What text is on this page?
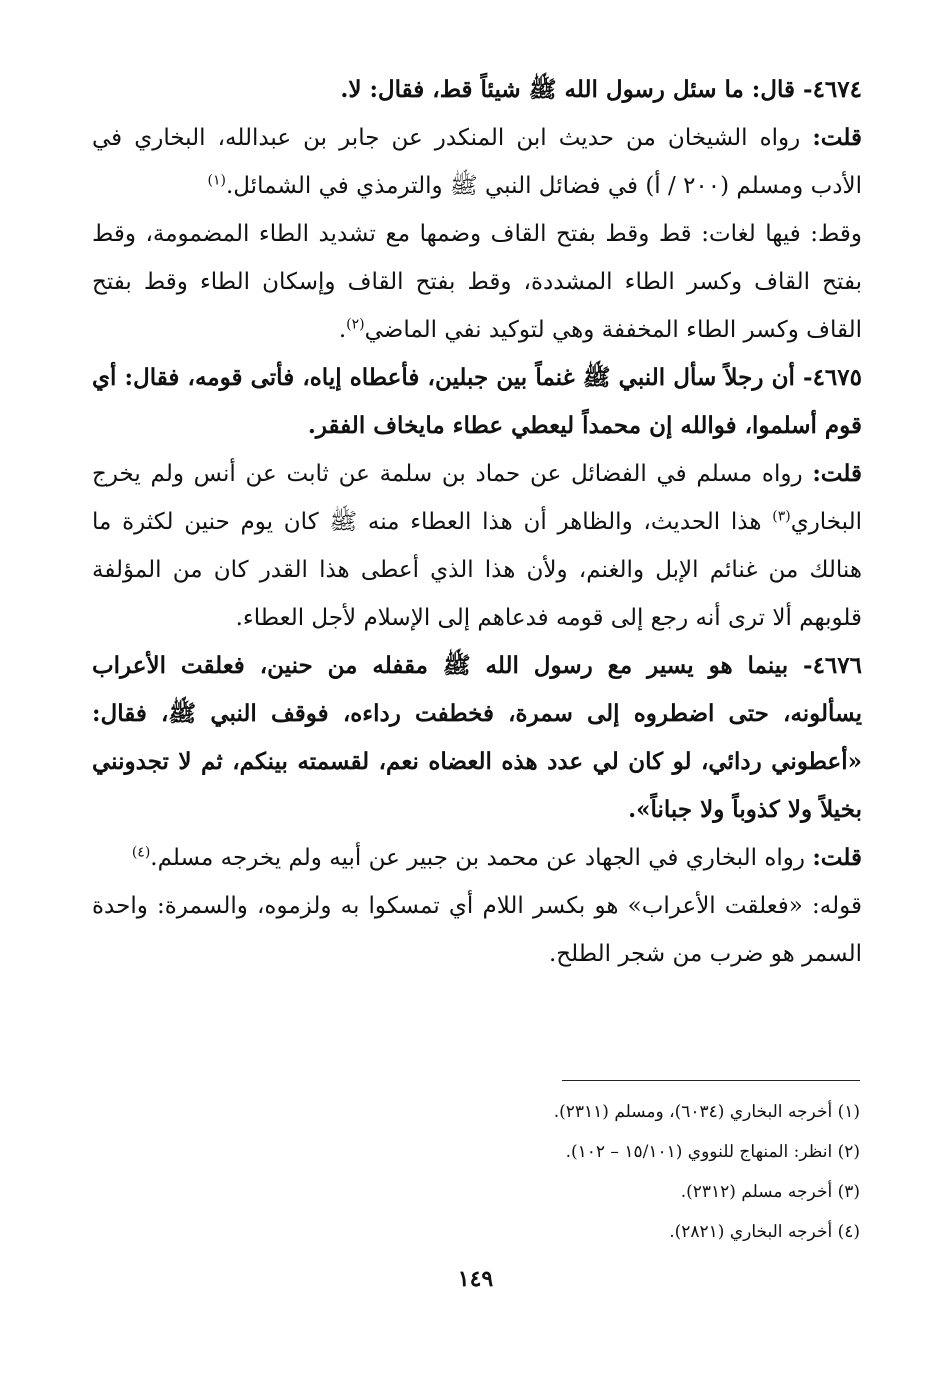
٤٦٧٤- قال: ما سئل رسول الله ﷺ شيئاً قط، فقال: لا.

قلت: رواه الشيخان من حديث ابن المنكدر عن جابر بن عبدالله، البخاري في الأدب ومسلم (٢٠٠ / أ) في فضائل النبي ﷺ والترمذي في الشمائل.$^{(١)}$

وقط: فيها لغات: قط وقط بفتح القاف وضمها مع تشديد الطاء المضمومة، وقط بفتح القاف وكسر الطاء المشددة، وقط بفتح القاف وإسكان الطاء وقط بفتح القاف وكسر الطاء المخففة وهي لتوكيد نفي الماضي$^{(٢)}$.

٤٦٧٥- أن رجلاً سأل النبي ﷺ غنماً بين جبلين، فأعطاه إياه، فأتى قومه، فقال: أي قوم أسلموا، فوالله إن محمداً ليعطي عطاء مايخاف الفقر.

قلت: رواه مسلم في الفضائل عن حماد بن سلمة عن ثابت عن أنس ولم يخرج البخاري$^{(٣)}$ هذا الحديث، والظاهر أن هذا العطاء منه ﷺ كان يوم حنين لكثرة ما هنالك من غنائم الإبل والغنم، ولأن هذا الذي أعطى هذا القدر كان من المؤلفة قلوبهم ألا ترى أنه رجع إلى قومه فدعاهم إلى الإسلام لأجل العطاء.

٤٦٧٦- بينما هو يسير مع رسول الله ﷺ مقفله من حنين، فعلقت الأعراب يسألونه، حتى اضطروه إلى سمرة، فخطفت رداءه، فوقف النبي ﷺ، فقال: «أعطوني ردائي، لو كان لي عدد هذه العضاه نعم، لقسمته بينكم، ثم لا تجدونني بخيلاً ولا كذوباً ولا جباناً».

قلت: رواه البخاري في الجهاد عن محمد بن جبير عن أبيه ولم يخرجه مسلم.$^{(٤)}$

قوله: «فعلقت الأعراب» هو بكسر اللام أي تمسكوا به ولزموه، والسمرة: واحدة السمر هو ضرب من شجر الطلح.

(١) أخرجه البخاري (٦٠٣٤)، ومسلم (٢٣١١).

(٢) انظر: المنهاج للنووي (١٥/١٠١ – ١٠٢).

(٣) أخرجه مسلم (٢٣١٢).

(٤) أخرجه البخاري (٢٨٢١).

١٤٩
